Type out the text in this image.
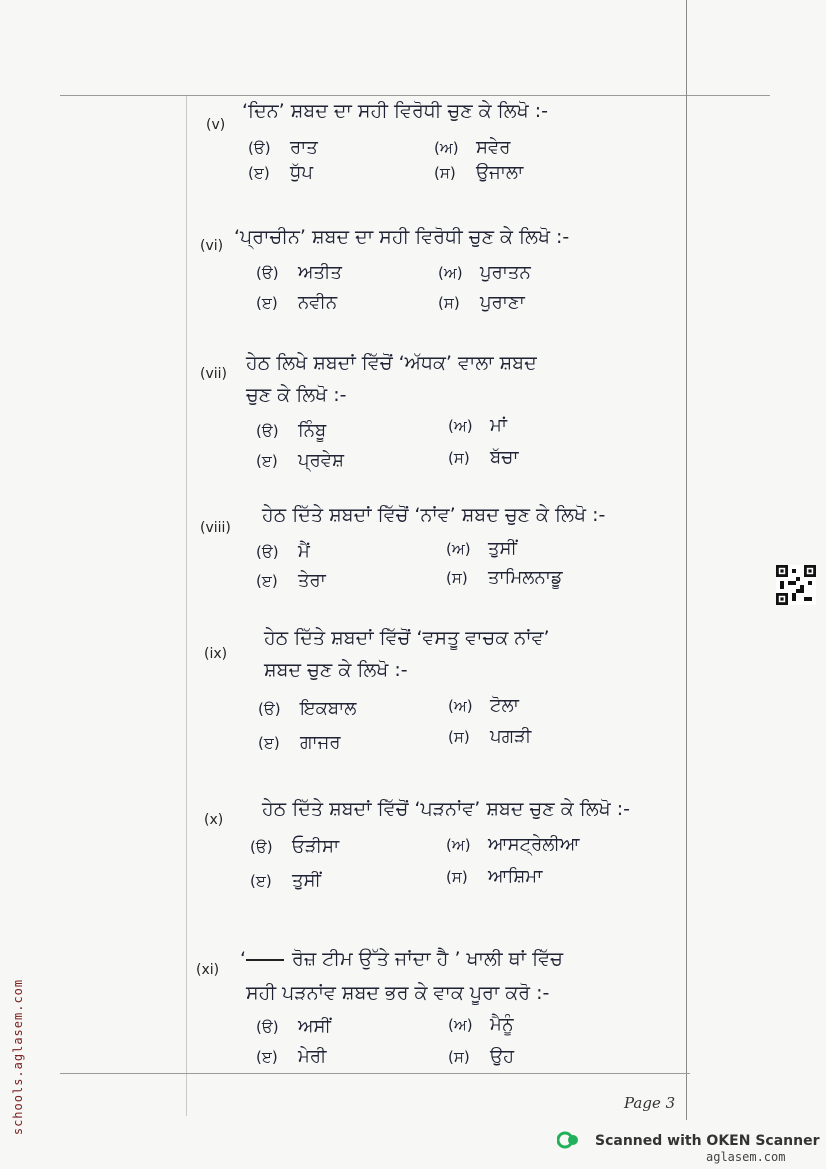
(v)
‘ਦਿਨ’ ਸ਼ਬਦ ਦਾ ਸਹੀ ਵਿਰੋਧੀ ਚੁਣ ਕੇ ਲਿਖੋ :-
(ੳ) ਰਾਤ	(ਅ) ਸਵੇਰ
(ੲ) ਧੁੱਪ	(ਸ) ਉਜਾਲਾ
(vi) ‘ਪ੍ਰਾਚੀਨ’ ਸ਼ਬਦ ਦਾ ਸਹੀ ਵਿਰੋਧੀ ਚੁਣ ਕੇ ਲਿਖੋ :-
(ੳ) ਅਤੀਤ	(ਅ) ਪੁਰਾਤਨ
(ੲ) ਨਵੀਨ	(ਸ) ਪੁਰਾਣਾ
(vii) ਹੇਠ ਲਿਖੇ ਸ਼ਬਦਾਂ ਵਿੱਚੋਂ ‘ਅੱਧਕ’ ਵਾਲਾ ਸ਼ਬਦ
ਚੁਣ ਕੇ ਲਿਖੋ :-
(ੳ) ਨਿੰਬੂ	(ਅ) ਮਾਂ
(ੲ) ਪ੍ਰਵੇਸ਼	(ਸ) ਬੱਚਾ
(viii)
ਹੇਠ ਦਿੱਤੇ ਸ਼ਬਦਾਂ ਵਿੱਚੋਂ ‘ਨਾਂਵ’ ਸ਼ਬਦ ਚੁਣ ਕੇ ਲਿਖੋ :-
(ੳ) ਮੈਂ	(ਅ) ਤੁਸੀਂ
(ੲ) ਤੇਰਾ	(ਸ) ਤਾਮਿਲਨਾਡੂ
(ix)
ਹੇਠ ਦਿੱਤੇ ਸ਼ਬਦਾਂ ਵਿੱਚੋਂ ‘ਵਸਤੂ ਵਾਚਕ ਨਾਂਵ’
ਸ਼ਬਦ ਚੁਣ ਕੇ ਲਿਖੋ :-
(ੳ) ਇਕਬਾਲ	(ਅ) ਟੋਲਾ
(ੲ) ਗਾਜਰ	(ਸ) ਪਗੜੀ
(x) ਹੇਠ ਦਿੱਤੇ ਸ਼ਬਦਾਂ ਵਿੱਚੋਂ ‘ਪੜਨਾਂਵ’ ਸ਼ਬਦ ਚੁਣ ਕੇ ਲਿਖੋ :-
(ੳ) ਓੜੀਸਾ	(ਅ) ਆਸਟ੍ਰੇਲੀਆ
(ੲ) ਤੁਸੀਂ	(ਸ) ਆਸ਼ਿਮਾ
(xi) ‘ ਰੋਜ਼ ਟੀਮ ਉੱਤੇ ਜਾਂਦਾ ਹੈ ’ ਖਾਲੀ ਥਾਂ ਵਿੱਚ
ਸਹੀ ਪੜਨਾਂਵ ਸ਼ਬਦ ਭਰ ਕੇ ਵਾਕ ਪੂਰਾ ਕਰੋ :-
(ੳ) ਅਸੀਂ	(ਅ) ਮੈਨੂੰ
(ੲ) ਮੇਰੀ	(ਸ) ਉਹ
Page 3
Scanned with OKEN Scanner
aglasem.com
schools.aglasem.com
